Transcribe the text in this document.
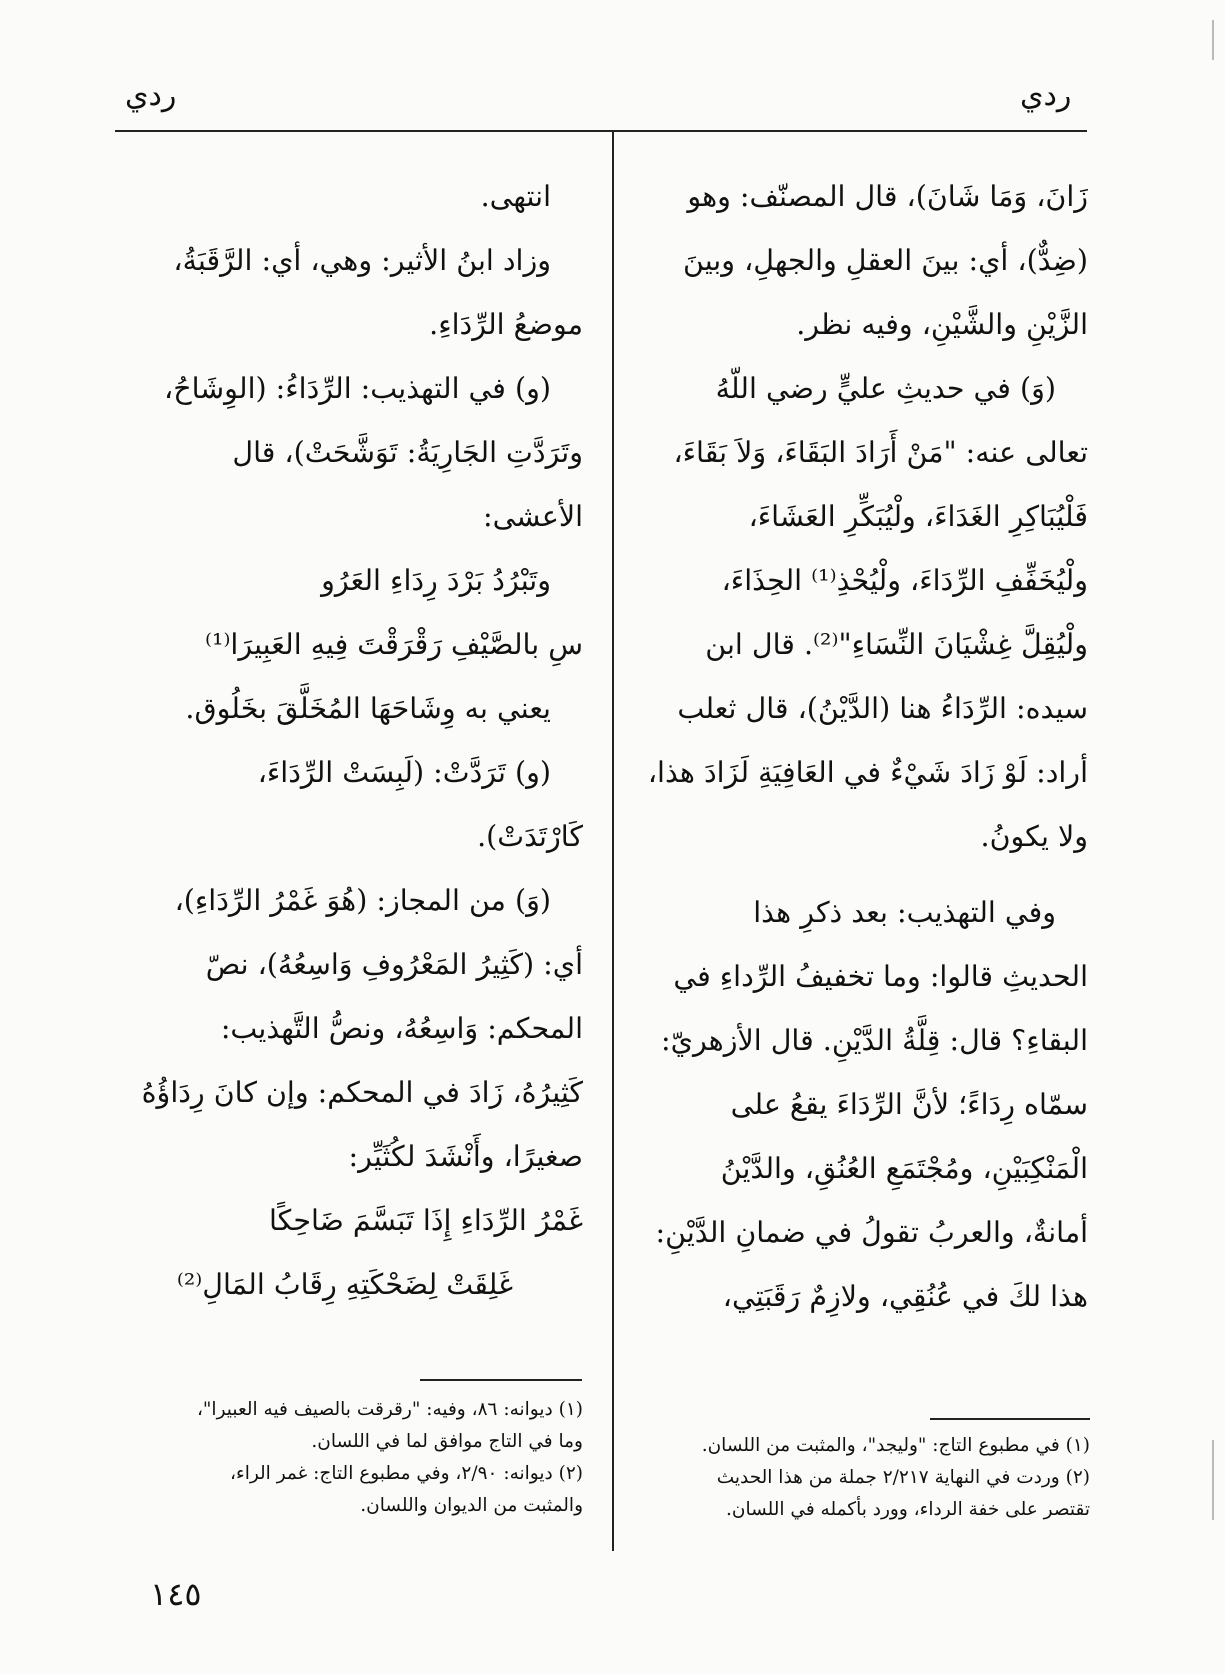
ردي
ردي
زَانَ، وَمَا شَانَ)، قال المصنّف: وهو
(ضِدٌّ)، أي: بينَ العقلِ والجهلِ، وبينَ
الزَّيْنِ والشَّيْنِ، وفيه نظر.
(وَ) في حديثِ عليٍّ رضي اللّهُ
تعالى عنه: "مَنْ أَرَادَ البَقَاءَ، وَلاَ بَقَاءَ،
فَلْيُبَاكِرِ الغَدَاءَ، ولْيُبَكِّرِ العَشَاءَ،
ولْيُخَفِّفِ الرِّدَاءَ، ولْيُحْذِ⁽¹⁾ الحِذَاءَ،
ولْيُقِلَّ غِشْيَانَ النِّسَاءِ"⁽²⁾. قال ابن
سيده: الرِّدَاءُ هنا (الدَّيْنُ)، قال ثعلب
أراد: لَوْ زَادَ شَيْءٌ في العَافِيَةِ لَزَادَ هذا،
ولا يكونُ.
وفي التهذيب: بعد ذكرِ هذا
الحديثِ قالوا: وما تخفيفُ الرِّداءِ في
البقاءِ؟ قال: قِلَّةُ الدَّيْنِ. قال الأزهريّ:
سمّاه رِدَاءً؛ لأنَّ الرِّدَاءَ يقعُ على
الْمَنْكِبَيْنِ، ومُجْتَمَعِ العُنُقِ، والدَّيْنُ
أمانةٌ، والعربُ تقولُ في ضمانِ الدَّيْنِ:
هذا لكَ في عُنُقِي، ولازِمٌ رَقَبَتِي،
انتهى.
وزاد ابنُ الأثير: وهي، أي: الرَّقَبَةُ،
موضعُ الرِّدَاءِ.
(و) في التهذيب: الرِّدَاءُ: (الوِشَاحُ،
وتَرَدَّتِ الجَارِيَةُ: تَوَشَّحَتْ)، قال
الأعشى:
وتَبْرُدُ بَرْدَ رِدَاءِ العَرُو
سِ بالصَّيْفِ رَقْرَقْتَ فِيهِ العَبِيرَا⁽¹⁾
يعني به وِشَاحَهَا المُخَلَّقَ بخَلُوق.
(و) تَرَدَّتْ: (لَبِسَتْ الرِّدَاءَ،
كَارْتَدَتْ).
(وَ) من المجاز: (هُوَ غَمْرُ الرِّدَاءِ)،
أي: (كَثِيرُ المَعْرُوفِ وَاسِعُهُ)، نصّ
المحكم: وَاسِعُهُ، ونصُّ التَّهذيب:
كَثِيرُهُ، زَادَ في المحكم: وإن كانَ رِدَاؤُهُ
صغيرًا، وأَنْشَدَ لكُثَيِّر:
غَمْرُ الرِّدَاءِ إِذَا تَبَسَّمَ ضَاحِكًا
غَلِقَتْ لِضَحْكَتِهِ رِقَابُ المَالِ⁽²⁾
(١) في مطبوع التاج: "وليجد"، والمثبت من اللسان.
(٢) وردت في النهاية ٢/٢١٧ جملة من هذا الحديث
تقتصر على خفة الرداء، وورد بأكمله في اللسان.
(١) ديوانه: ٨٦، وفيه: "رقرقت بالصيف فيه العبيرا"،
وما في التاج موافق لما في اللسان.
(٢) ديوانه: ٢/٩٠، وفي مطبوع التاج: غمر الراء،
والمثبت من الديوان واللسان.
١٤٥
